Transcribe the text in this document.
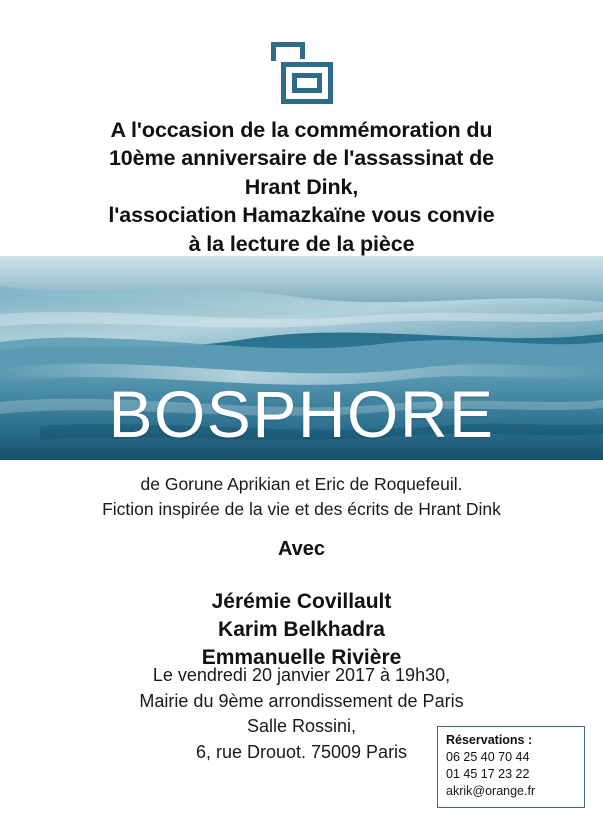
A l'occasion de la commémoration du
10ème anniversaire de l'assassinat de
Hrant Dink,
l'association Hamazkaïne vous convie
à la lecture de la pièce
BOSPHORE
de Gorune Aprikian et Eric de Roquefeuil.
Fiction inspirée de la vie et des écrits de Hrant Dink
Avec
Jérémie Covillault
Karim Belkhadra
Emmanuelle Rivière
Le vendredi 20 janvier 2017 à 19h30,
Mairie du 9ème arrondissement de Paris
Salle Rossini,
6, rue Drouot. 75009 Paris
Réservations :
06 25 40 70 44
01 45 17 23 22
akrik@orange.fr
